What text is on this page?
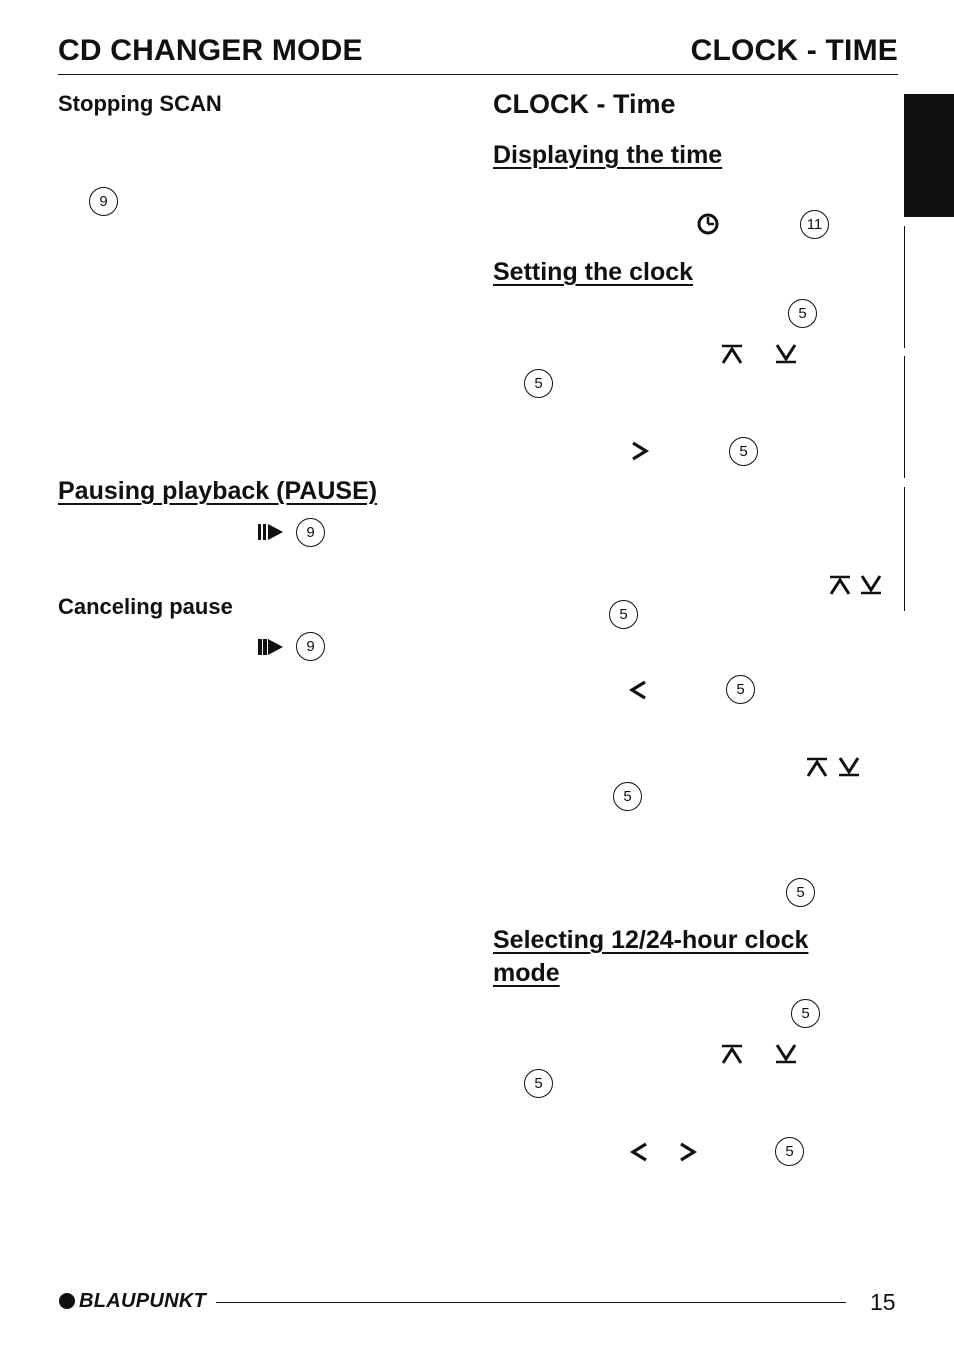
CD CHANGER MODE	CLOCK - TIME
Stopping SCAN
9
Pausing playback (PAUSE)
9
Canceling pause
9
CLOCK - Time
Displaying the time
11
Setting the clock
5
5
5
5
5
5
5
Selecting 12/24-hour clock
mode
5
5
5
BLAUPUNKT	15
